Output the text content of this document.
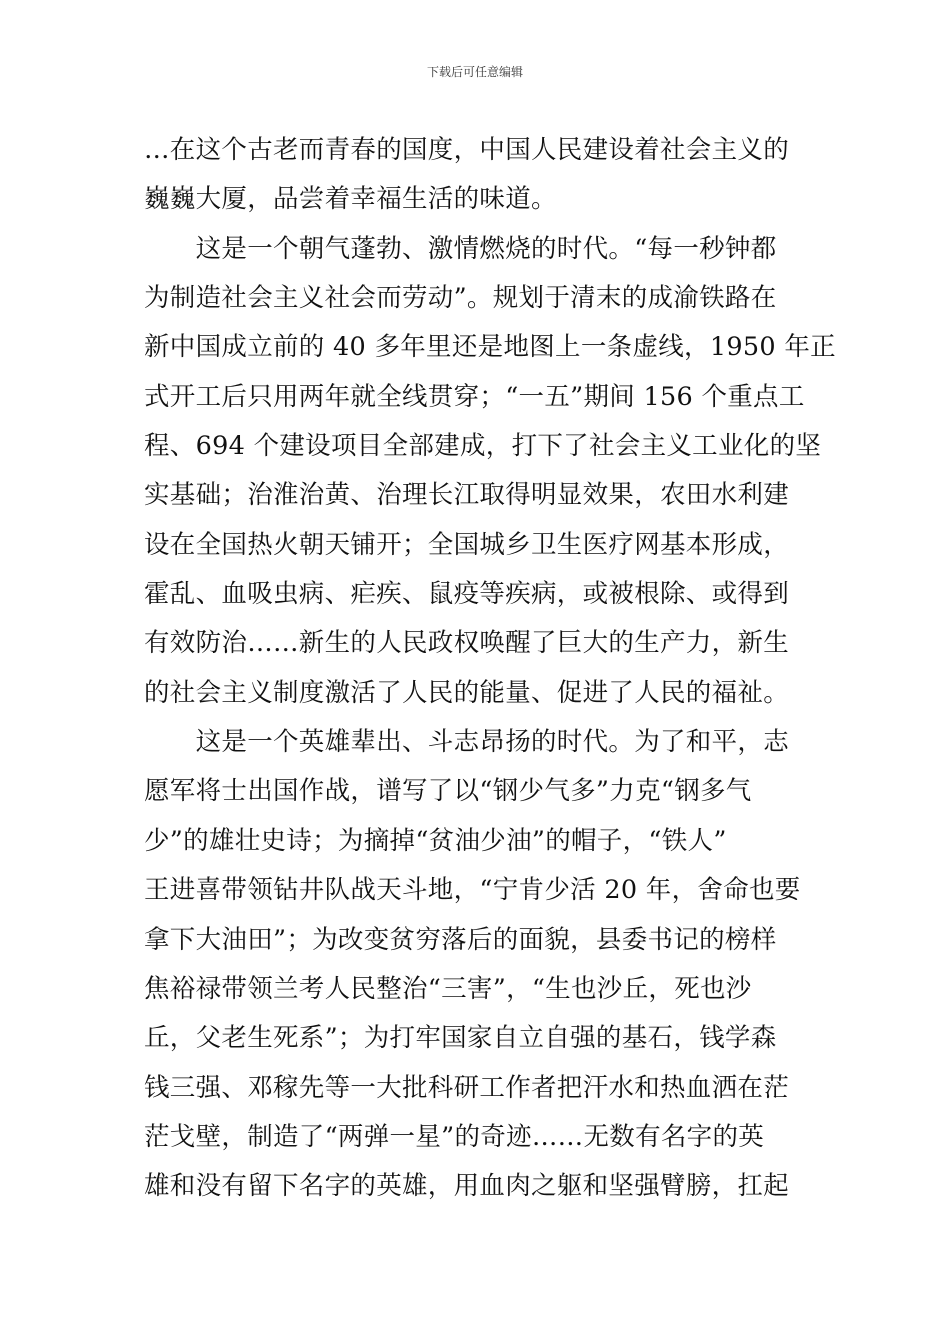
下载后可任意编辑
…在这个古老而青春的国度，中国人民建设着社会主义的
巍巍大厦，品尝着幸福生活的味道。
　　这是一个朝气蓬勃、激情燃烧的时代。“每一秒钟都
为制造社会主义社会而劳动”。规划于清末的成渝铁路在
新中国成立前的 40 多年里还是地图上一条虚线，1950 年正
式开工后只用两年就全线贯穿；“一五”期间 156 个重点工
程、694 个建设项目全部建成，打下了社会主义工业化的坚
实基础；治淮治黄、治理长江取得明显效果，农田水利建
设在全国热火朝天铺开；全国城乡卫生医疗网基本形成，
霍乱、血吸虫病、疟疾、鼠疫等疾病，或被根除、或得到
有效防治……新生的人民政权唤醒了巨大的生产力，新生
的社会主义制度激活了人民的能量、促进了人民的福祉。
　　这是一个英雄辈出、斗志昂扬的时代。为了和平，志
愿军将士出国作战，谱写了以“钢少气多”力克“钢多气
少”的雄壮史诗；为摘掉“贫油少油”的帽子，“铁人”
王进喜带领钻井队战天斗地，“宁肯少活 20 年，舍命也要
拿下大油田”；为改变贫穷落后的面貌，县委书记的榜样
焦裕禄带领兰考人民整治“三害”，“生也沙丘，死也沙
丘，父老生死系”；为打牢国家自立自强的基石，钱学森
钱三强、邓稼先等一大批科研工作者把汗水和热血洒在茫
茫戈壁，制造了“两弹一星”的奇迹……无数有名字的英
雄和没有留下名字的英雄，用血肉之躯和坚强臂膀，扛起
